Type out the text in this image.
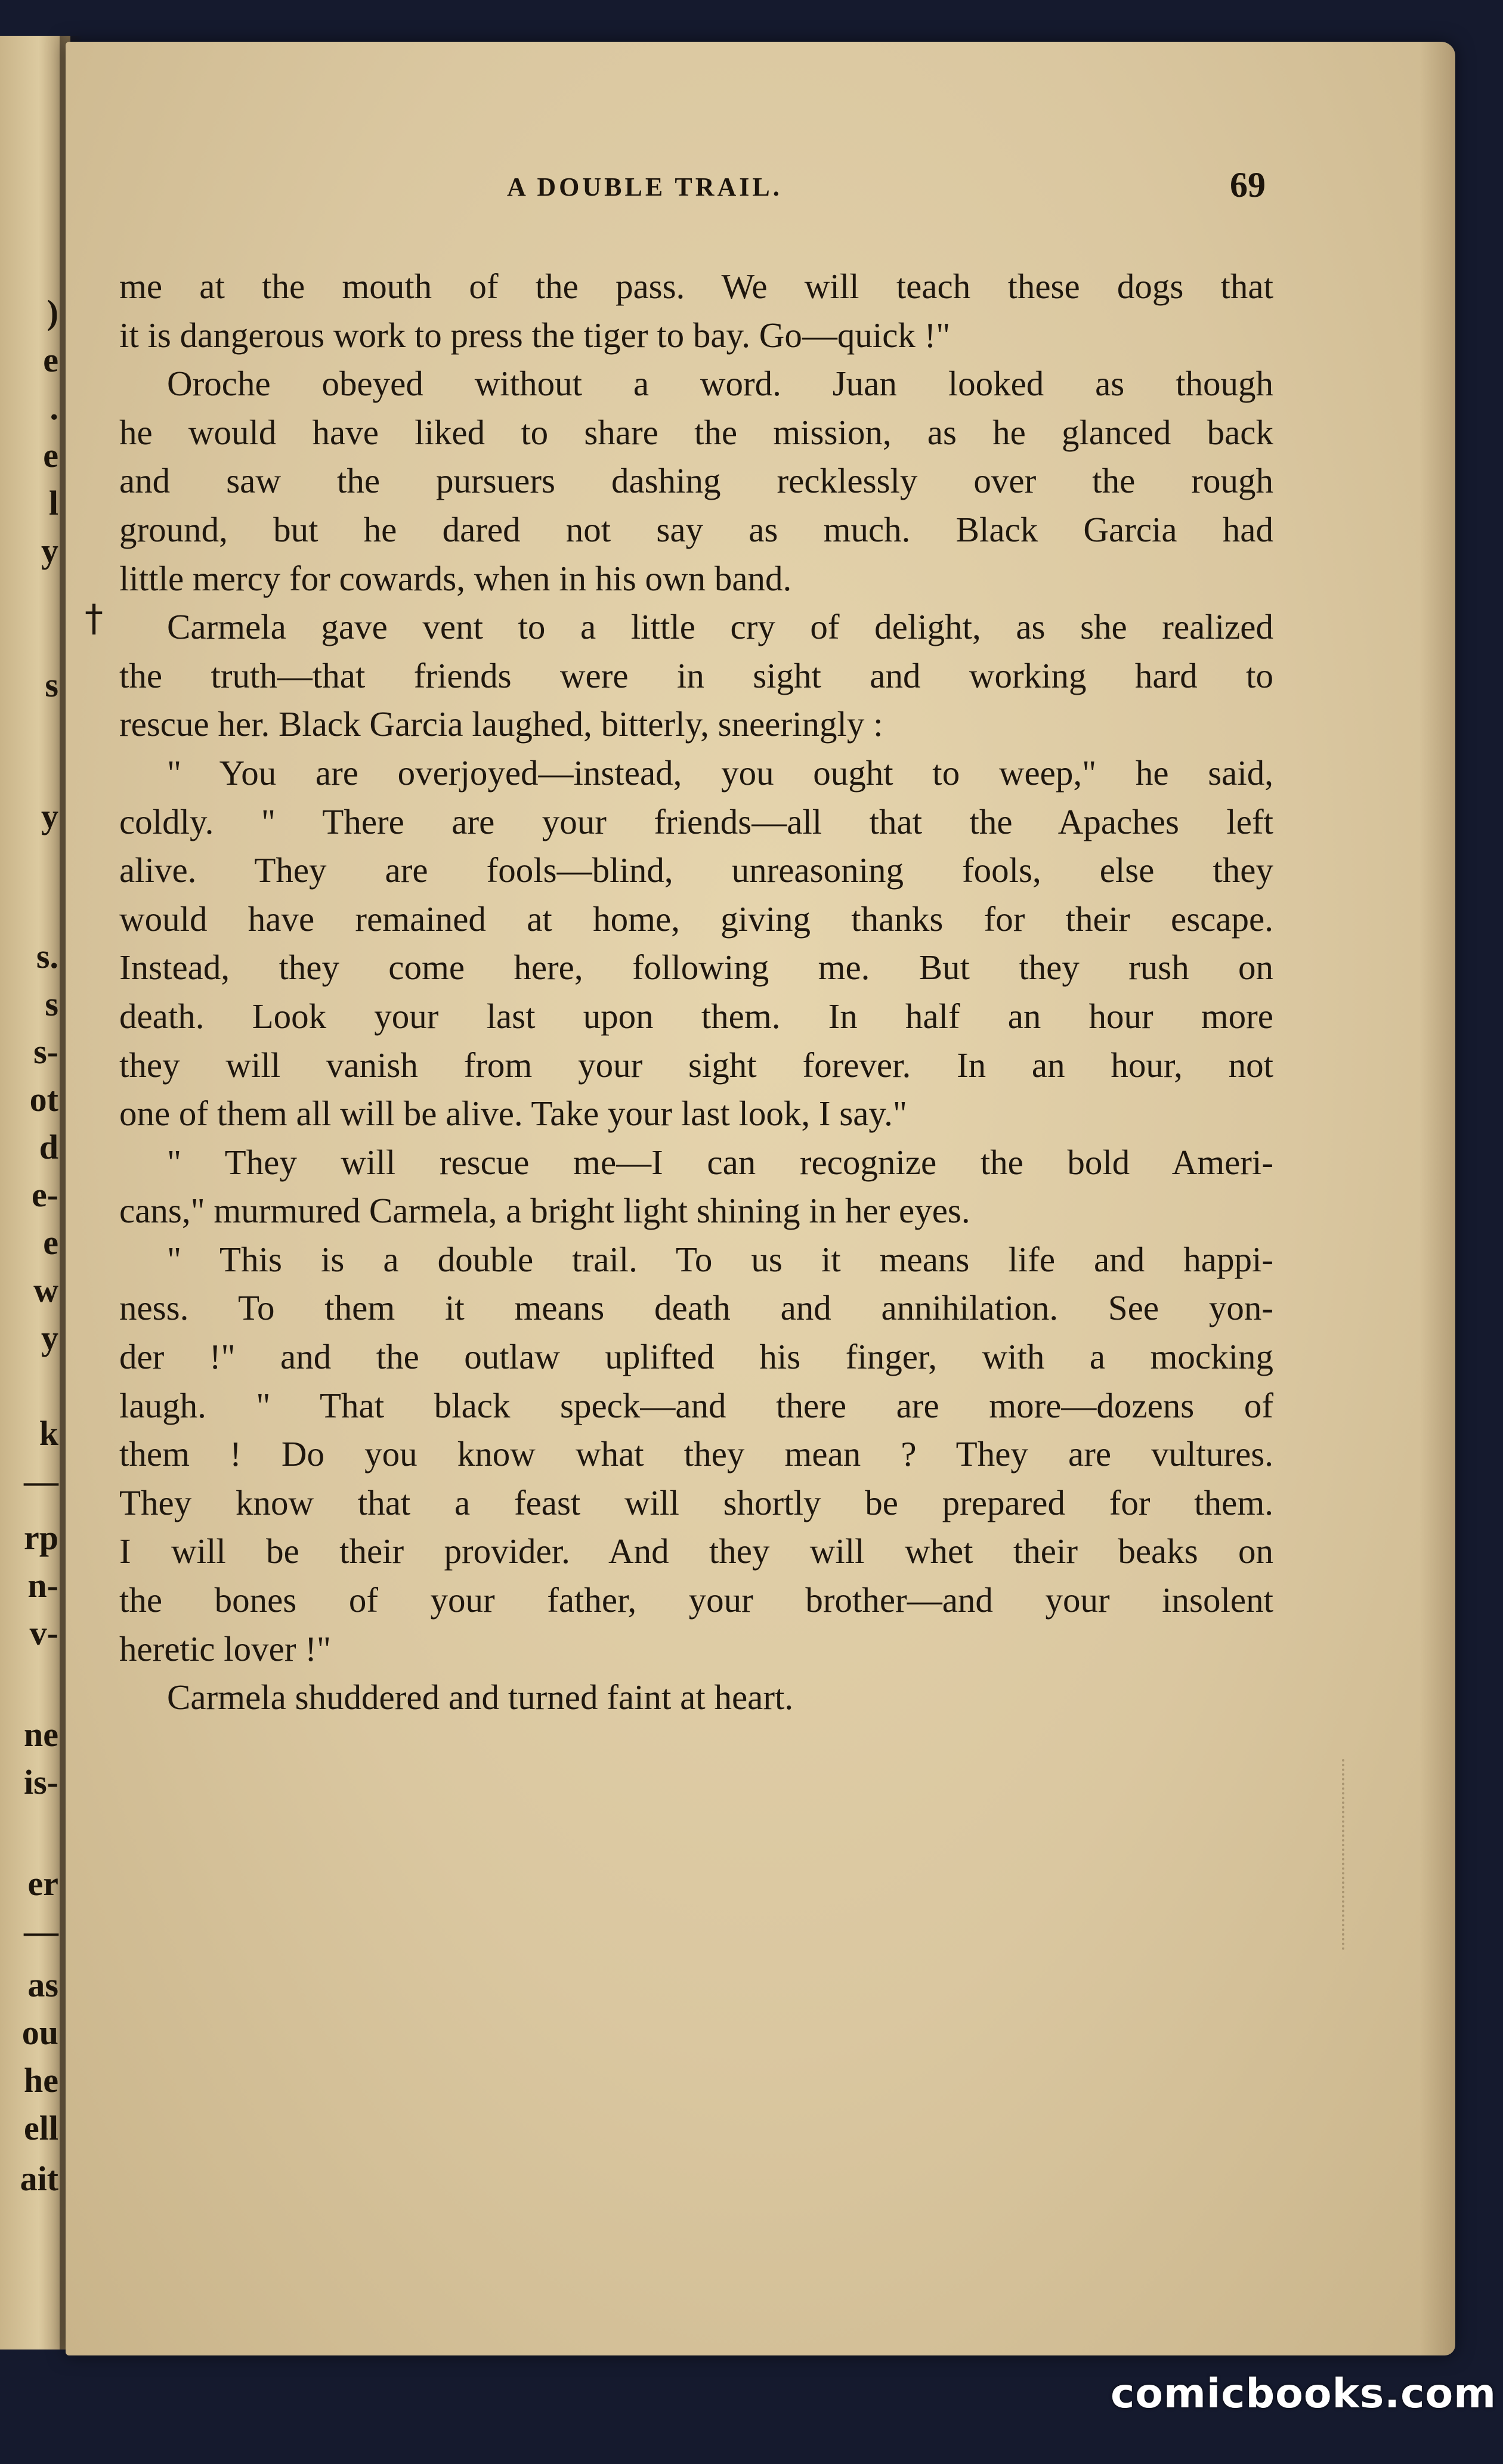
)
e
.
e
l
y
s
y
s.
s
s-
ot
d
e-
e
w
y
k
—
rp
n-
v-
ne
is-
er
—
as
ou
he
ell
ait
A DOUBLE TRAIL.	69
†
me at the mouth of the pass. We will teach these dogs that
it is dangerous work to press the tiger to bay. Go—quick !"
Oroche obeyed without a word. Juan looked as though
he would have liked to share the mission, as he glanced back
and saw the pursuers dashing recklessly over the rough
ground, but he dared not say as much. Black Garcia had
little mercy for cowards, when in his own band.
Carmela gave vent to a little cry of delight, as she realized
the truth—that friends were in sight and working hard to
rescue her. Black Garcia laughed, bitterly, sneeringly :
" You are overjoyed—instead, you ought to weep," he said,
coldly. " There are your friends—all that the Apaches left
alive. They are fools—blind, unreasoning fools, else they
would have remained at home, giving thanks for their escape.
Instead, they come here, following me. But they rush on
death. Look your last upon them. In half an hour more
they will vanish from your sight forever. In an hour, not
one of them all will be alive. Take your last look, I say."
" They will rescue me—I can recognize the bold Ameri-
cans," murmured Carmela, a bright light shining in her eyes.
" This is a double trail. To us it means life and happi-
ness. To them it means death and annihilation. See yon-
der !" and the outlaw uplifted his finger, with a mocking
laugh. " That black speck—and there are more—dozens of
them ! Do you know what they mean ? They are vultures.
They know that a feast will shortly be prepared for them.
I will be their provider. And they will whet their beaks on
the bones of your father, your brother—and your insolent
heretic lover !"
Carmela shuddered and turned faint at heart.
comicbooks.com
